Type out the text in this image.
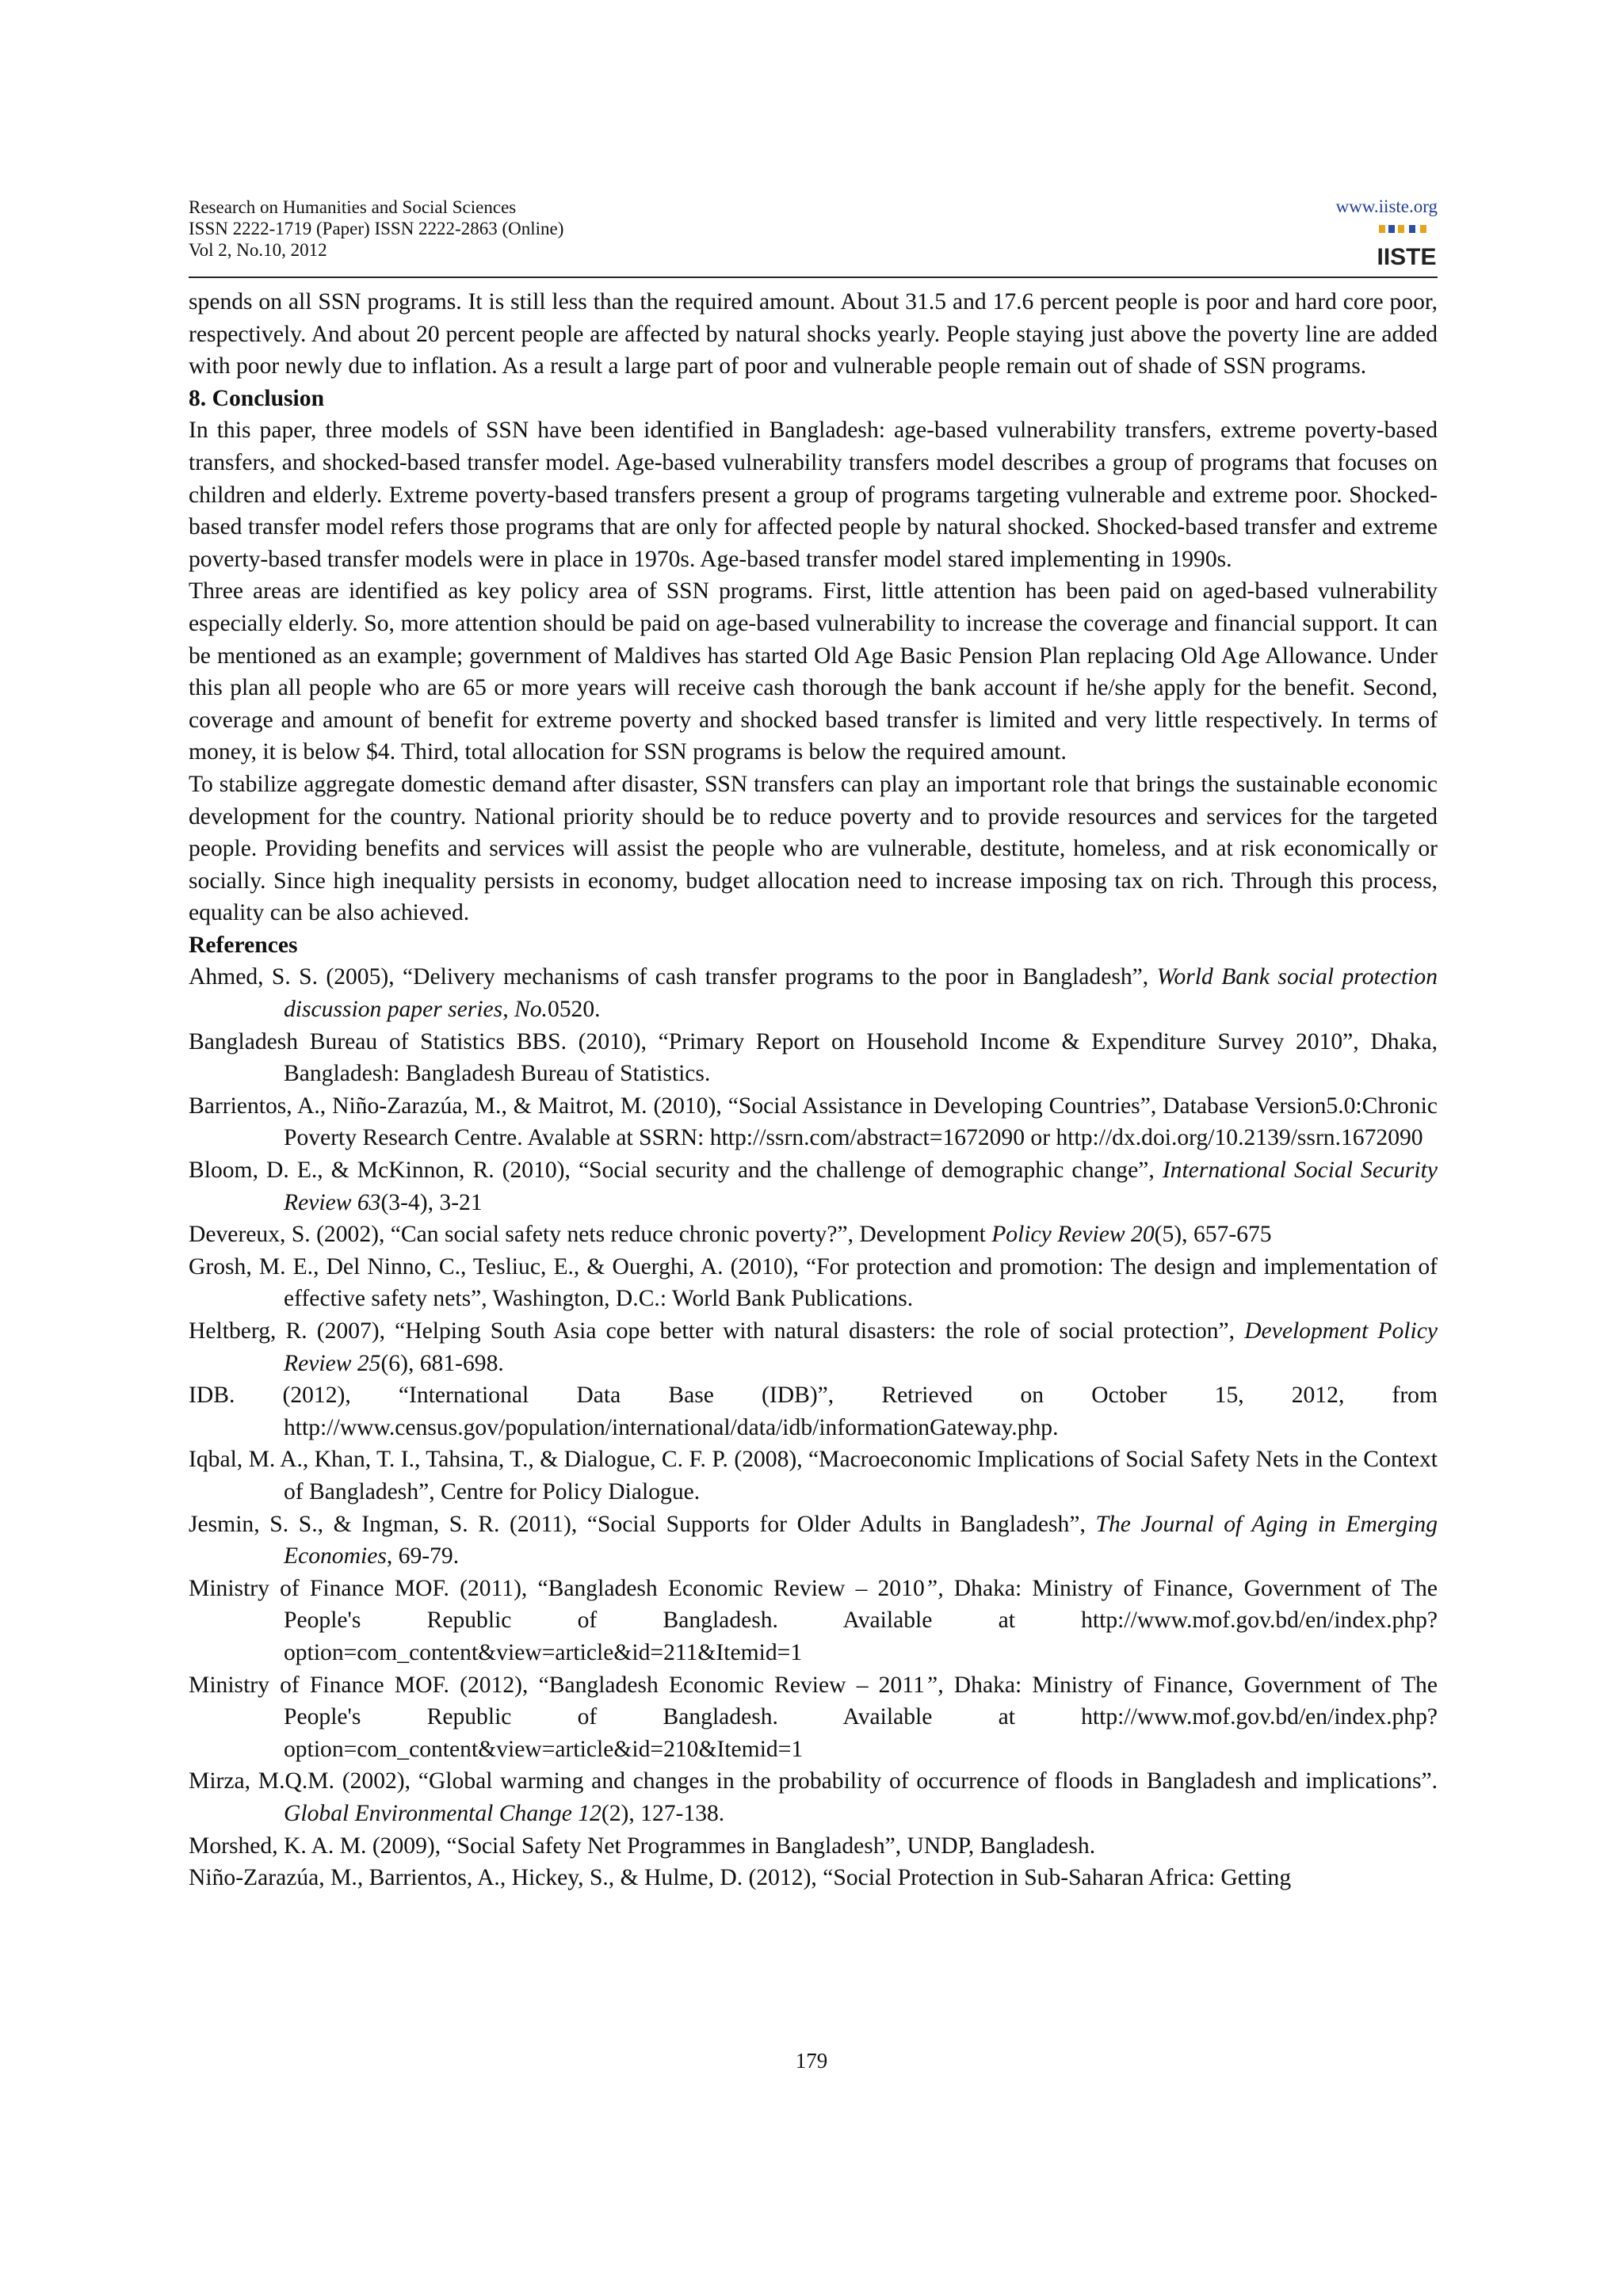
Research on Humanities and Social Sciences
ISSN 2222-1719 (Paper) ISSN 2222-2863 (Online)
Vol 2, No.10, 2012
www.iiste.org
IISTE

spends on all SSN programs. It is still less than the required amount. About 31.5 and 17.6 percent people is poor and hard core poor, respectively. And about 20 percent people are affected by natural shocks yearly. People staying just above the poverty line are added with poor newly due to inflation. As a result a large part of poor and vulnerable people remain out of shade of SSN programs.

8. Conclusion

In this paper, three models of SSN have been identified in Bangladesh: age-based vulnerability transfers, extreme poverty-based transfers, and shocked-based transfer model. Age-based vulnerability transfers model describes a group of programs that focuses on children and elderly. Extreme poverty-based transfers present a group of programs targeting vulnerable and extreme poor. Shocked-based transfer model refers those programs that are only for affected people by natural shocked. Shocked-based transfer and extreme poverty-based transfer models were in place in 1970s. Age-based transfer model stared implementing in 1990s.

Three areas are identified as key policy area of SSN programs. First, little attention has been paid on aged-based vulnerability especially elderly. So, more attention should be paid on age-based vulnerability to increase the coverage and financial support. It can be mentioned as an example; government of Maldives has started Old Age Basic Pension Plan replacing Old Age Allowance. Under this plan all people who are 65 or more years will receive cash thorough the bank account if he/she apply for the benefit. Second, coverage and amount of benefit for extreme poverty and shocked based transfer is limited and very little respectively. In terms of money, it is below $4. Third, total allocation for SSN programs is below the required amount.

To stabilize aggregate domestic demand after disaster, SSN transfers can play an important role that brings the sustainable economic development for the country. National priority should be to reduce poverty and to provide resources and services for the targeted people. Providing benefits and services will assist the people who are vulnerable, destitute, homeless, and at risk economically or socially. Since high inequality persists in economy, budget allocation need to increase imposing tax on rich. Through this process, equality can be also achieved.

References

Ahmed, S. S. (2005), “Delivery mechanisms of cash transfer programs to the poor in Bangladesh”, World Bank social protection discussion paper series, No.0520.

Bangladesh Bureau of Statistics BBS. (2010), “Primary Report on Household Income & Expenditure Survey 2010”, Dhaka, Bangladesh: Bangladesh Bureau of Statistics.

Barrientos, A., Niño-Zarazúa, M., & Maitrot, M. (2010), “Social Assistance in Developing Countries”, Database Version5.0:Chronic Poverty Research Centre. Avalable at SSRN: http://ssrn.com/abstract=1672090 or http://dx.doi.org/10.2139/ssrn.1672090

Bloom, D. E., & McKinnon, R. (2010), “Social security and the challenge of demographic change”, International Social Security Review 63(3-4), 3-21

Devereux, S. (2002), “Can social safety nets reduce chronic poverty?”, Development Policy Review 20(5), 657-675

Grosh, M. E., Del Ninno, C., Tesliuc, E., & Ouerghi, A. (2010), “For protection and promotion: The design and implementation of effective safety nets”, Washington, D.C.: World Bank Publications.

Heltberg, R. (2007), “Helping South Asia cope better with natural disasters: the role of social protection”, Development Policy Review 25(6), 681-698.

IDB. (2012), “International Data Base (IDB)”, Retrieved on October 15, 2012, from http://www.census.gov/population/international/data/idb/informationGateway.php.

Iqbal, M. A., Khan, T. I., Tahsina, T., & Dialogue, C. F. P. (2008), “Macroeconomic Implications of Social Safety Nets in the Context of Bangladesh”, Centre for Policy Dialogue.

Jesmin, S. S., & Ingman, S. R. (2011), “Social Supports for Older Adults in Bangladesh”, The Journal of Aging in Emerging Economies, 69-79.

Ministry of Finance MOF. (2011), “Bangladesh Economic Review – 2010”, Dhaka: Ministry of Finance, Government of The People's Republic of Bangladesh. Available at http://www.mof.gov.bd/en/index.php?option=com_content&view=article&id=211&Itemid=1

Ministry of Finance MOF. (2012), “Bangladesh Economic Review – 2011”, Dhaka: Ministry of Finance, Government of The People's Republic of Bangladesh. Available at http://www.mof.gov.bd/en/index.php?option=com_content&view=article&id=210&Itemid=1

Mirza, M.Q.M. (2002), “Global warming and changes in the probability of occurrence of floods in Bangladesh and implications”. Global Environmental Change 12(2), 127-138.

Morshed, K. A. M. (2009), “Social Safety Net Programmes in Bangladesh”, UNDP, Bangladesh.

Niño-Zarazúa, M., Barrientos, A., Hickey, S., & Hulme, D. (2012), “Social Protection in Sub-Saharan Africa: Getting

179
